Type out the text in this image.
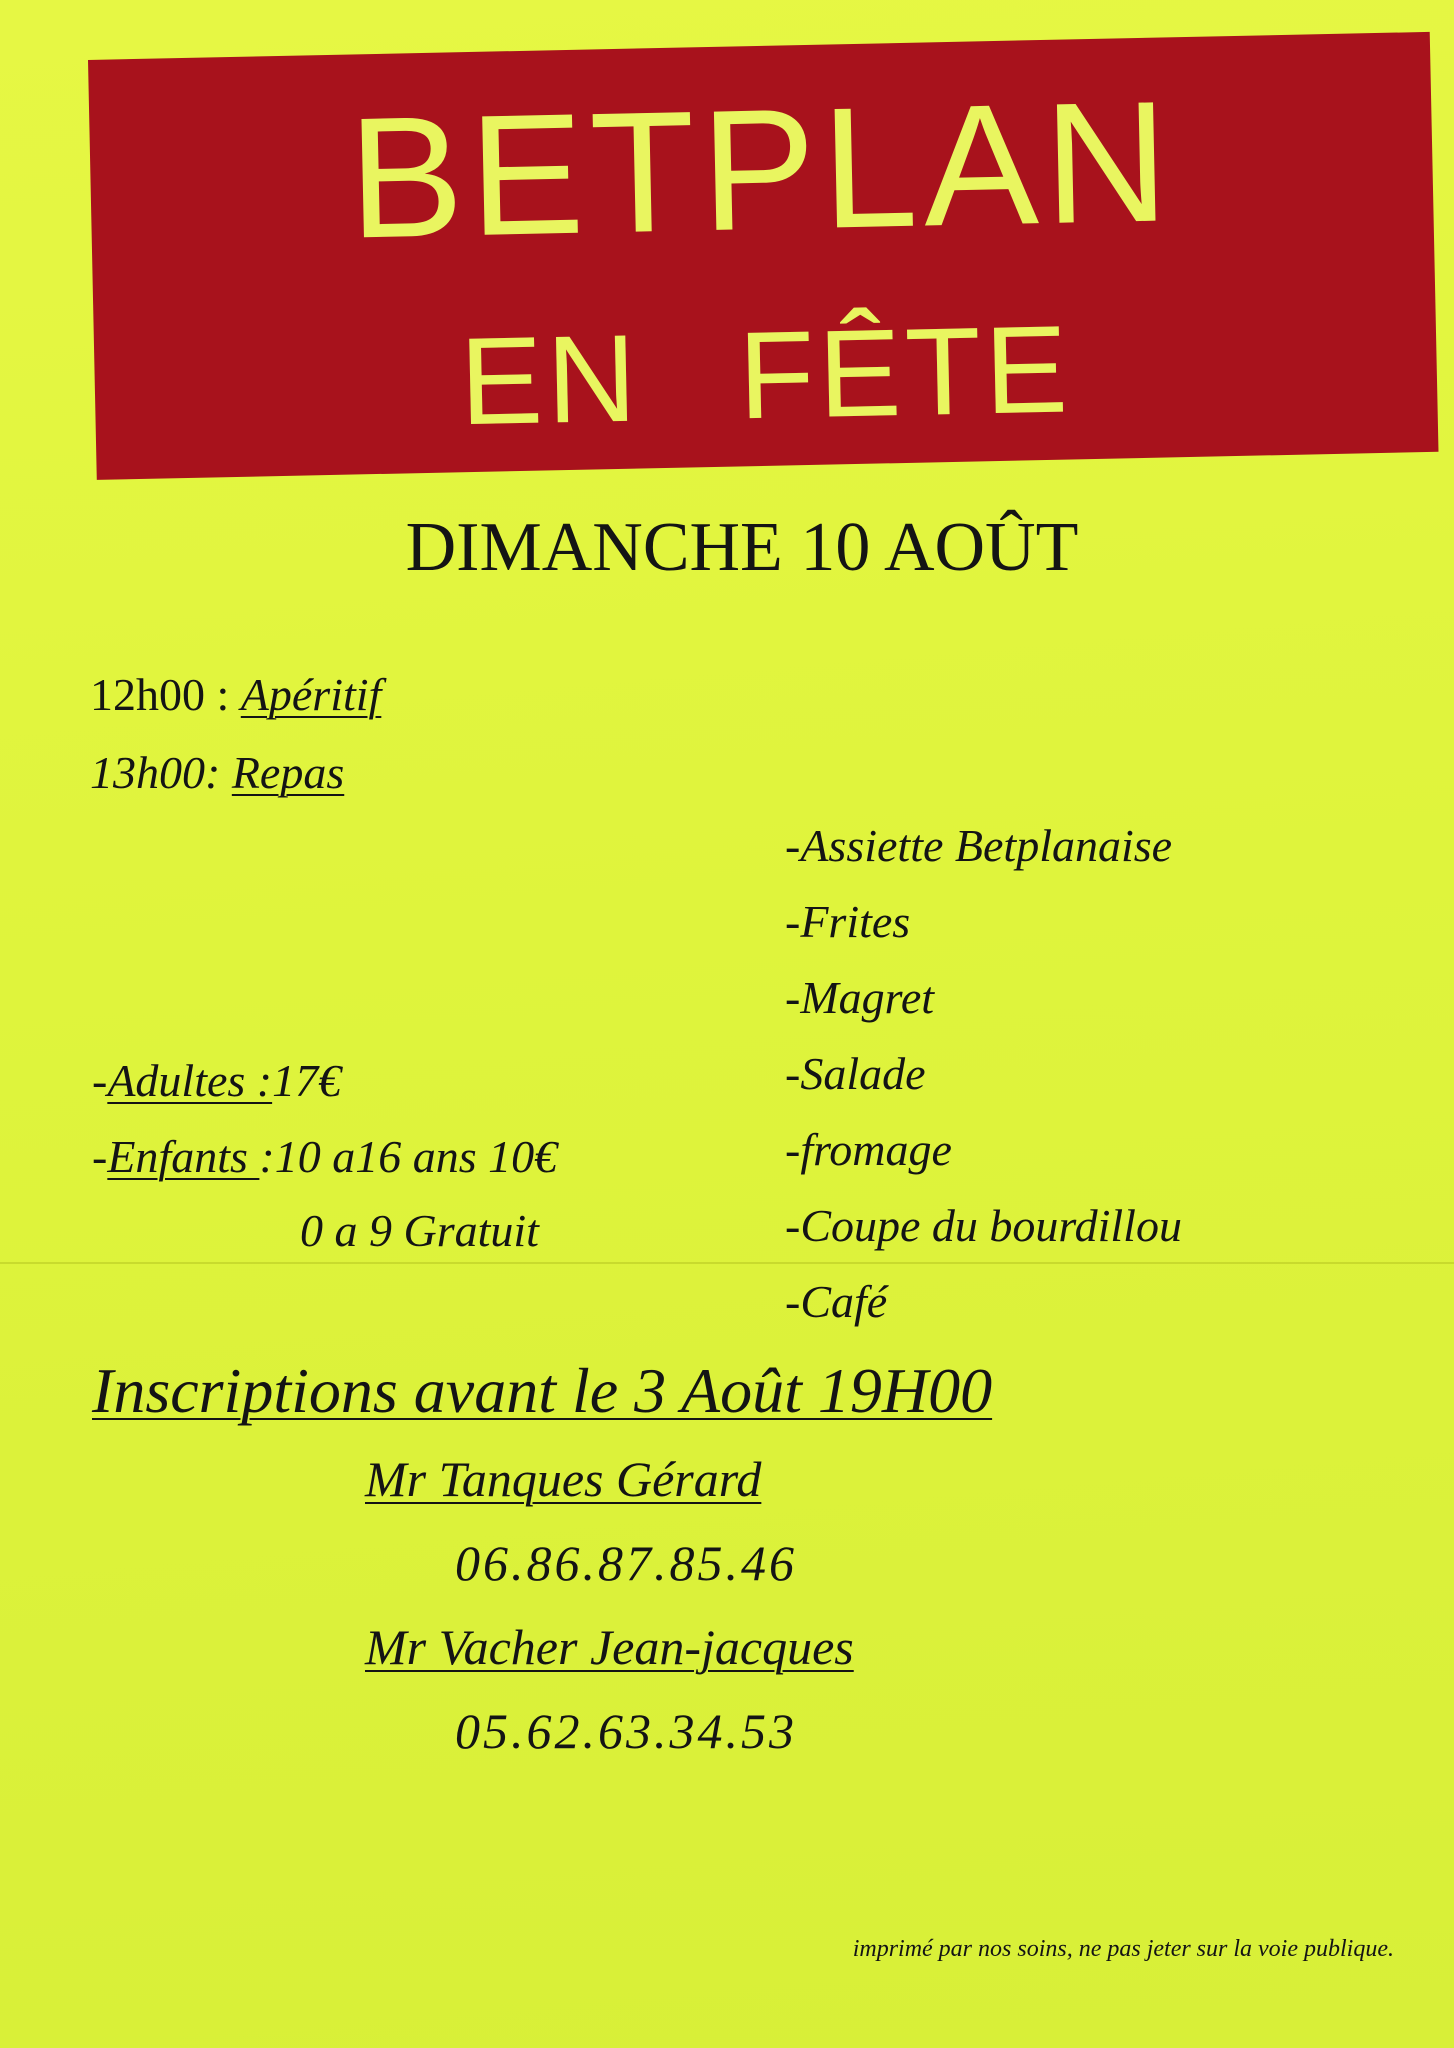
BETPLAN
EN FÊTE
DIMANCHE 10 AOÛT
12h00 : Apéritif
13h00: Repas
-Assiette Betplanaise
-Frites
-Magret
-Salade
-fromage
-Coupe du bourdillou
-Café
-Adultes :17€
-Enfants :10 a16 ans 10€
0 a 9 Gratuit
Inscriptions avant le 3 Août 19H00
Mr Tanques Gérard
06.86.87.85.46
Mr Vacher Jean-jacques
05.62.63.34.53
imprimé par nos soins, ne pas jeter sur la voie publique.
